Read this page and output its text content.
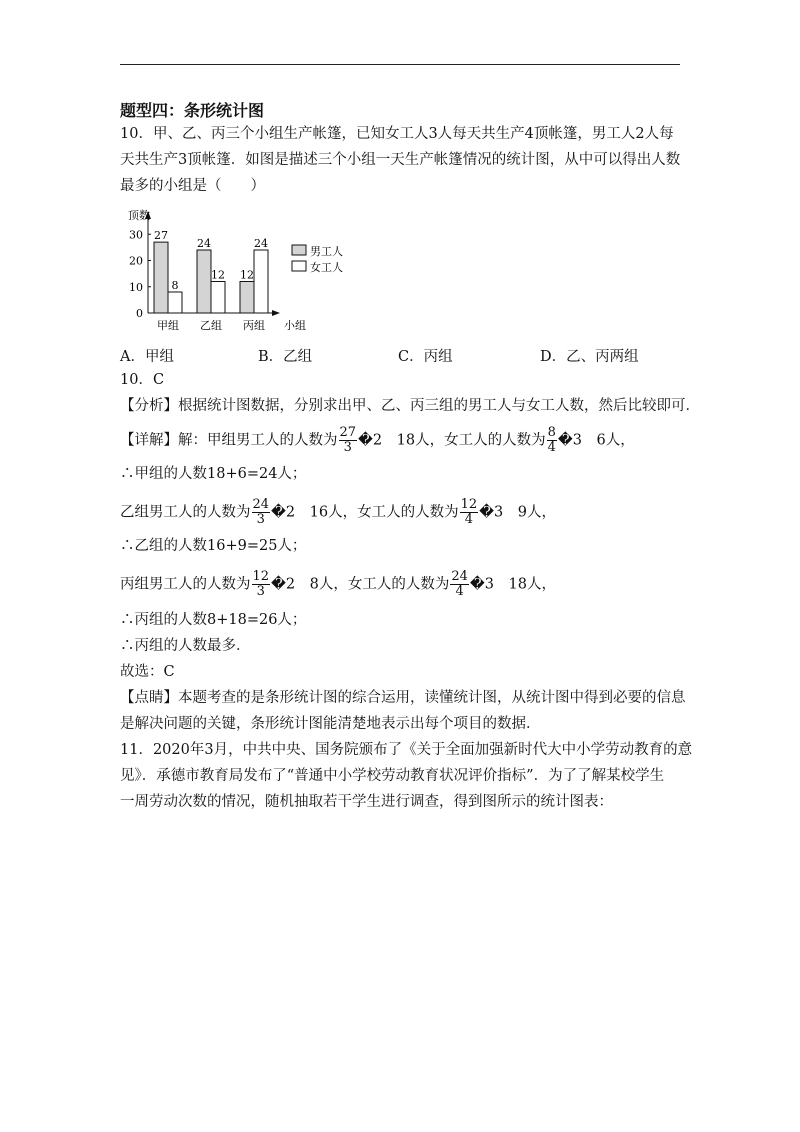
题型四：条形统计图
10．甲、乙、丙三个小组生产帐篷，已知女工人3人每天共生产4顶帐篷，男工人2人每
天共生产3顶帐篷．如图是描述三个小组一天生产帐篷情况的统计图，从中可以得出人数
最多的小组是（　　）
顶数
小组
0
10
20
30 27
8
甲组
24
12
乙组
12
24
丙组
男工人
女工人
A．甲组	B．乙组	C．丙组	D．乙、丙两组
10．C
【分析】根据统计图数据，分别求出甲、乙、丙三组的男工人与女工人数，然后比较即可．
【详解】解：甲组男工人的人数为 $\frac{27}{3}$ �2　18人，女工人的人数为 $\frac{8}{4}$ �3　6人，
∴甲组的人数18+6=24人；
乙组男工人的人数为 $\frac{24}{3}$ �2　16人，女工人的人数为 $\frac{12}{4}$ �3　9人，
∴乙组的人数16+9=25人；
丙组男工人的人数为 $\frac{12}{3}$ �2　8人，女工人的人数为 $\frac{24}{4}$ �3　18人，
∴丙组的人数8+18=26人；
∴丙组的人数最多．
故选：C
【点睛】本题考查的是条形统计图的综合运用，读懂统计图，从统计图中得到必要的信息
是解决问题的关键，条形统计图能清楚地表示出每个项目的数据．
11．2020年3月，中共中央、国务院颁布了《关于全面加强新时代大中小学劳动教育的意
见》．承德市教育局发布了“普通中小学校劳动教育状况评价指标”．为了了解某校学生
一周劳动次数的情况，随机抽取若干学生进行调查，得到图所示的统计图表：
